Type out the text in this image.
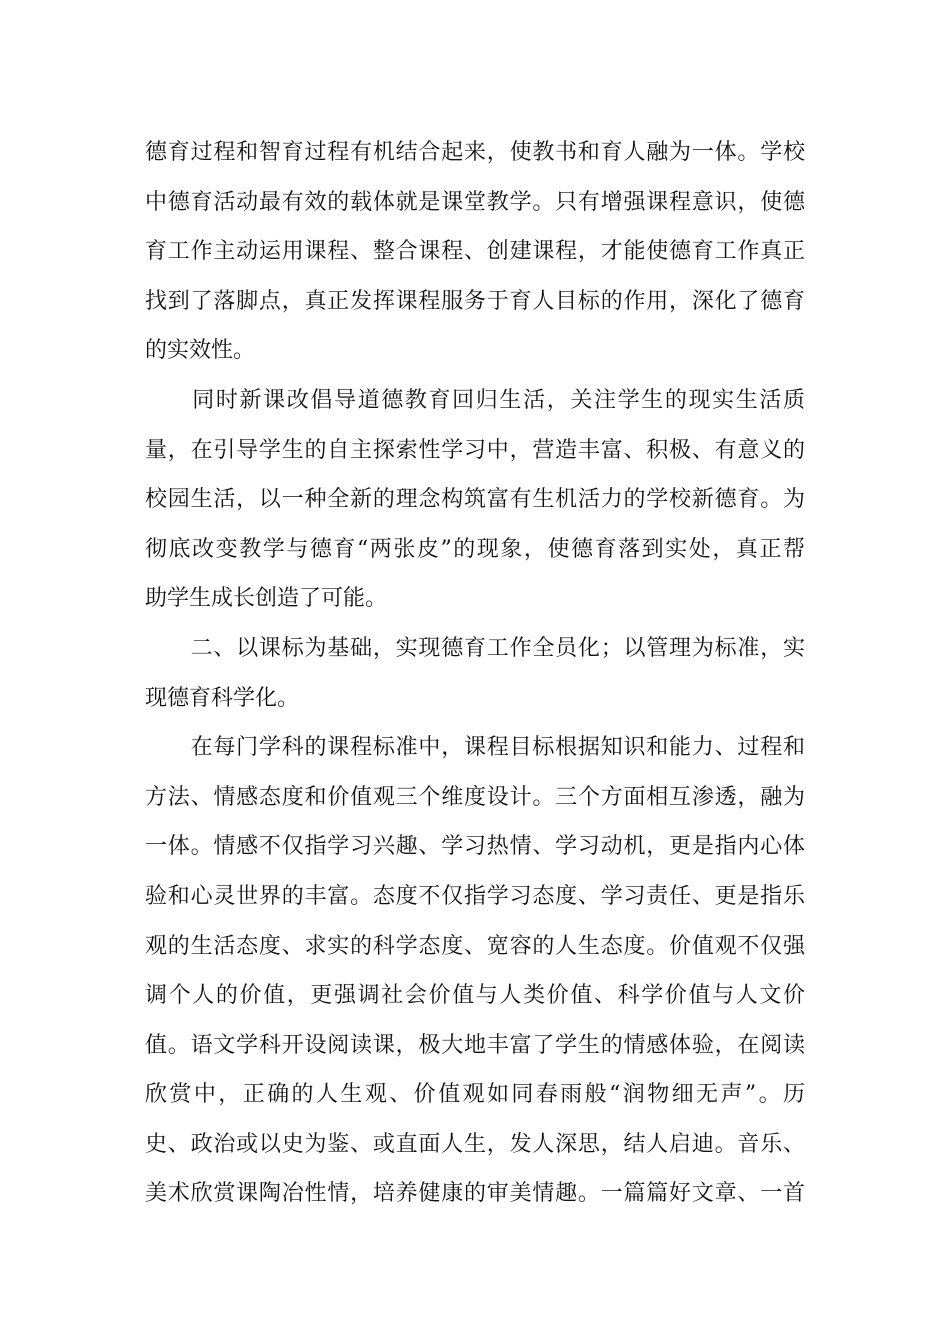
德育过程和智育过程有机结合起来，使教书和育人融为一体。学校
中德育活动最有效的载体就是课堂教学。只有增强课程意识，使德
育工作主动运用课程、整合课程、创建课程，才能使德育工作真正
找到了落脚点，真正发挥课程服务于育人目标的作用，深化了德育
的实效性。

　　同时新课改倡导道德教育回归生活，关注学生的现实生活质
量，在引导学生的自主探索性学习中，营造丰富、积极、有意义的
校园生活，以一种全新的理念构筑富有生机活力的学校新德育。为
彻底改变教学与德育“两张皮”的现象，使德育落到实处，真正帮
助学生成长创造了可能。

　　二、以课标为基础，实现德育工作全员化；以管理为标准，实
现德育科学化。

　　在每门学科的课程标准中，课程目标根据知识和能力、过程和
方法、情感态度和价值观三个维度设计。三个方面相互渗透，融为
一体。情感不仅指学习兴趣、学习热情、学习动机，更是指内心体
验和心灵世界的丰富。态度不仅指学习态度、学习责任、更是指乐
观的生活态度、求实的科学态度、宽容的人生态度。价值观不仅强
调个人的价值，更强调社会价值与人类价值、科学价值与人文价
值。语文学科开设阅读课，极大地丰富了学生的情感体验，在阅读
欣赏中，正确的人生观、价值观如同春雨般“润物细无声”。历
史、政治或以史为鉴、或直面人生，发人深思，结人启迪。音乐、
美术欣赏课陶冶性情，培养健康的审美情趣。一篇篇好文章、一首
